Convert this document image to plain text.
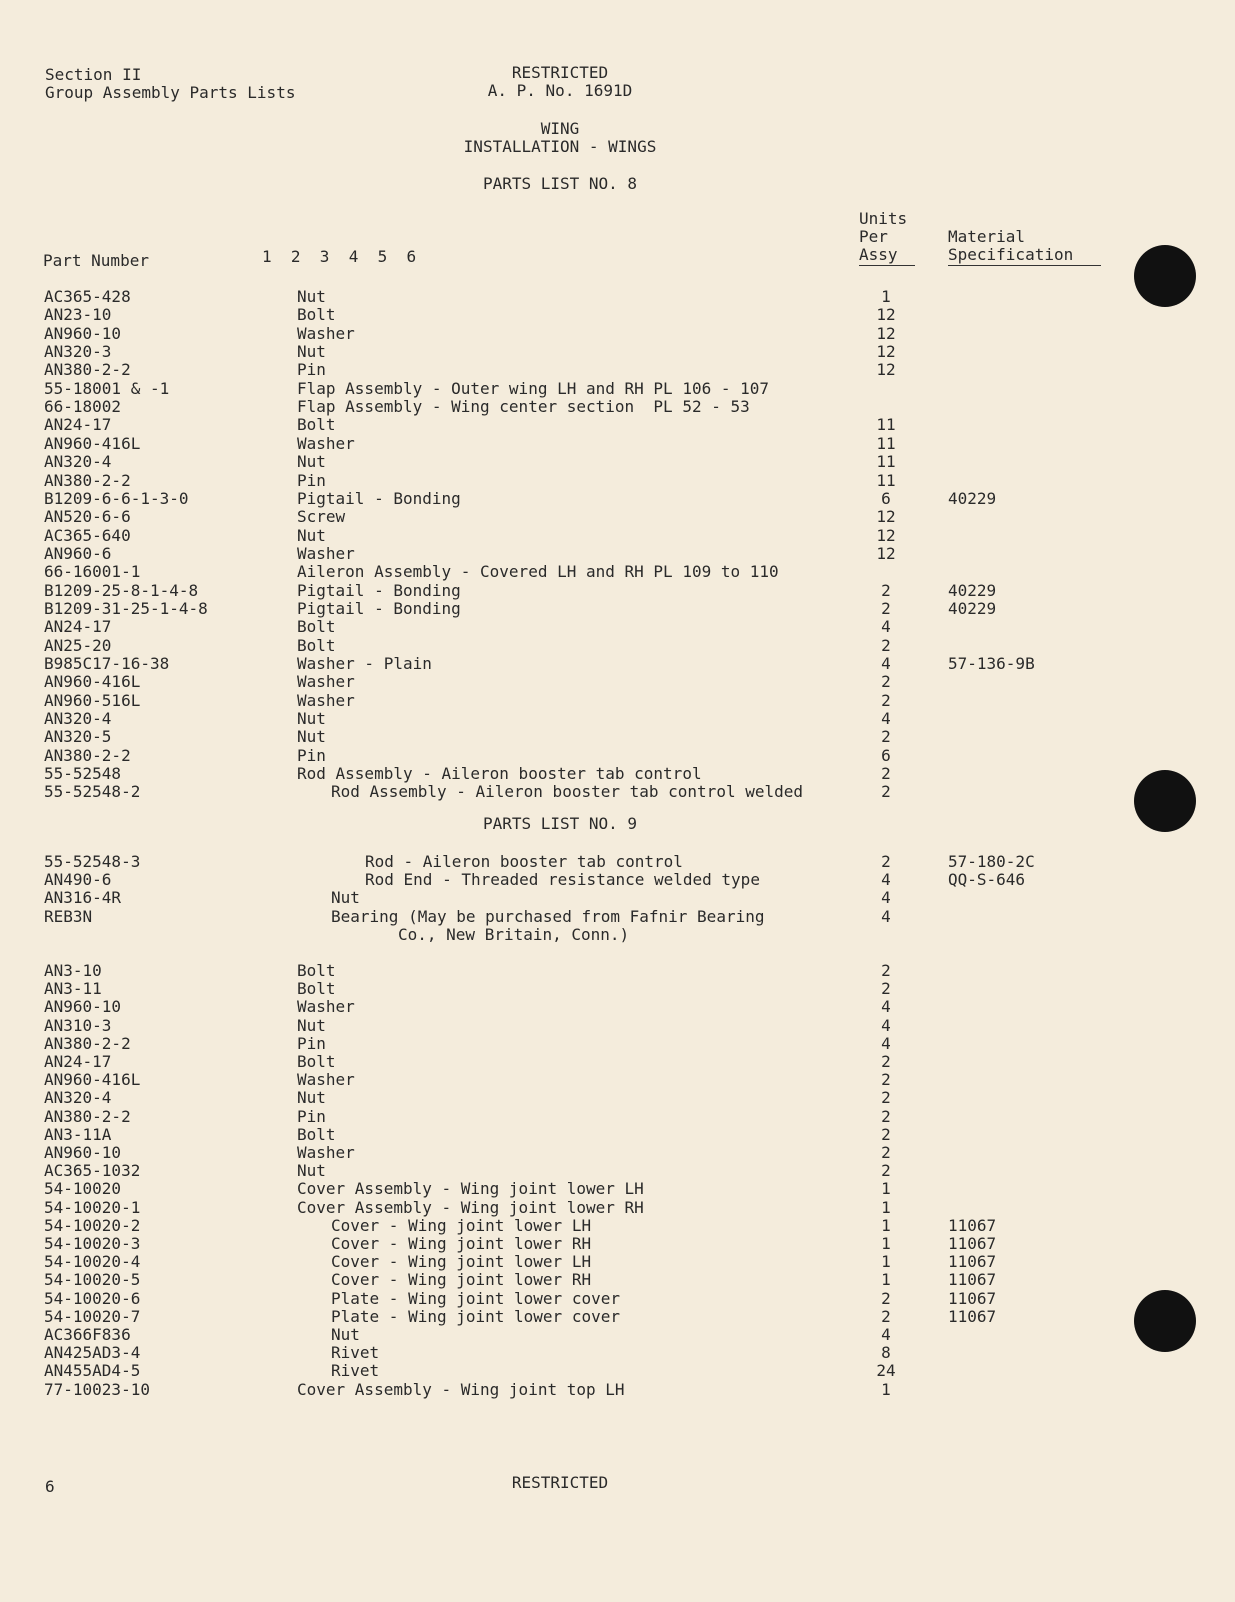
Section II
Group Assembly Parts Lists
RESTRICTED
A. P. No. 1691D
WING
INSTALLATION - WINGS
PARTS LIST NO. 8
Part Number	1  2  3  4  5  6
Units
Per
Assy
Material
Specification
AC365-428	Nut	1
AN23-10	Bolt	12
AN960-10	Washer	12
AN320-3	Nut	12
AN380-2-2	Pin	12
55-18001 & -1	Flap Assembly - Outer wing LH and RH PL 106 - 107
66-18002	Flap Assembly - Wing center section  PL 52 - 53
AN24-17	Bolt	11
AN960-416L	Washer	11
AN320-4	Nut	11
AN380-2-2	Pin	11
B1209-6-6-1-3-0	Pigtail - Bonding	6	40229
AN520-6-6	Screw	12
AC365-640	Nut	12
AN960-6	Washer	12
66-16001-1	Aileron Assembly - Covered LH and RH PL 109 to 110
B1209-25-8-1-4-8	Pigtail - Bonding	2	40229
B1209-31-25-1-4-8	Pigtail - Bonding	2	40229
AN24-17	Bolt	4
AN25-20	Bolt	2
B985C17-16-38	Washer - Plain	4	57-136-9B
AN960-416L	Washer	2
AN960-516L	Washer	2
AN320-4	Nut	4
AN320-5	Nut	2
AN380-2-2	Pin	6
55-52548	Rod Assembly - Aileron booster tab control	2
55-52548-2	Rod Assembly - Aileron booster tab control welded	2
PARTS LIST NO. 9
55-52548-3	Rod - Aileron booster tab control	2	57-180-2C
AN490-6	Rod End - Threaded resistance welded type	4	QQ-S-646
AN316-4R	Nut	4
REB3N	Bearing (May be purchased from Fafnir Bearing	4
Co., New Britain, Conn.)
AN3-10	Bolt	2
AN3-11	Bolt	2
AN960-10	Washer	4
AN310-3	Nut	4
AN380-2-2	Pin	4
AN24-17	Bolt	2
AN960-416L	Washer	2
AN320-4	Nut	2
AN380-2-2	Pin	2
AN3-11A	Bolt	2
AN960-10	Washer	2
AC365-1032	Nut	2
54-10020	Cover Assembly - Wing joint lower LH	1
54-10020-1	Cover Assembly - Wing joint lower RH	1
54-10020-2	Cover - Wing joint lower LH	1	11067
54-10020-3	Cover - Wing joint lower RH	1	11067
54-10020-4	Cover - Wing joint lower LH	1	11067
54-10020-5	Cover - Wing joint lower RH	1	11067
54-10020-6	Plate - Wing joint lower cover	2	11067
54-10020-7	Plate - Wing joint lower cover	2	11067
AC366F836	Nut	4
AN425AD3-4	Rivet	8
AN455AD4-5	Rivet	24
77-10023-10	Cover Assembly - Wing joint top LH	1
6	RESTRICTED
